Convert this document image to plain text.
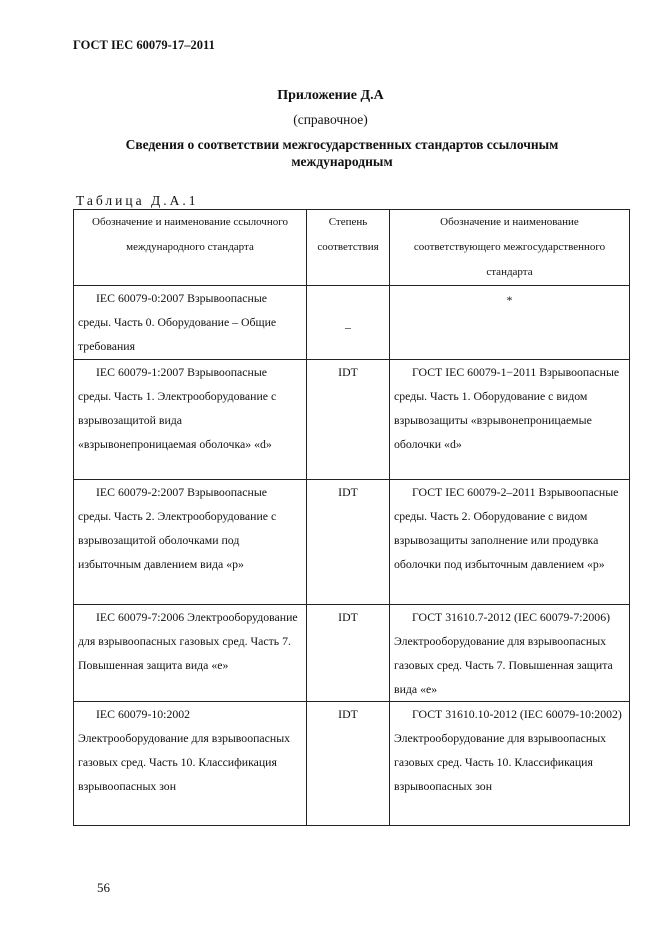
ГОСТ IEC 60079-17–2011
Приложение Д.А
(справочное)
Сведения о соответствии межгосударственных стандартов ссылочным международным
Таблица Д.А.1
Обозначение и наименование ссылочного международного стандарта	Степень соответствия	Обозначение и наименование соответствующего межгосударственного стандарта

IEC 60079-0:2007 Взрывоопасные среды. Часть 0. Оборудование – Общие требования	_	*

IEC 60079-1:2007 Взрывоопасные среды. Часть 1. Электрооборудование с взрывозащитой вида «взрывонепроницаемая оболочка» «d»	IDT	ГОСТ IEC 60079-1−2011 Взрывоопасные среды. Часть 1. Оборудование с видом взрывозащиты «взрывонепроницаемые оболочки «d»

IEC 60079-2:2007 Взрывоопасные среды. Часть 2. Электрооборудование с взрывозащитой оболочками под избыточным давлением вида «р»	IDT	ГОСТ IEC 60079-2–2011 Взрывоопасные среды. Часть 2. Оборудование с видом взрывозащиты заполнение или продувка оболочки под избыточным давлением «р»

IEC 60079-7:2006 Электрооборудование для взрывоопасных газовых сред. Часть 7. Повышенная защита вида «е»	IDT	ГОСТ 31610.7-2012 (IEC 60079-7:2006) Электрооборудование для взрывоопасных газовых сред. Часть 7. Повышенная защита вида «е»

IEC 60079-10:2002 Электрооборудование для взрывоопасных газовых сред. Часть 10. Классификация взрывоопасных зон	IDT	ГОСТ 31610.10-2012 (IEC 60079-10:2002) Электрооборудование для взрывоопасных газовых сред. Часть 10. Классификация взрывоопасных зон
56
